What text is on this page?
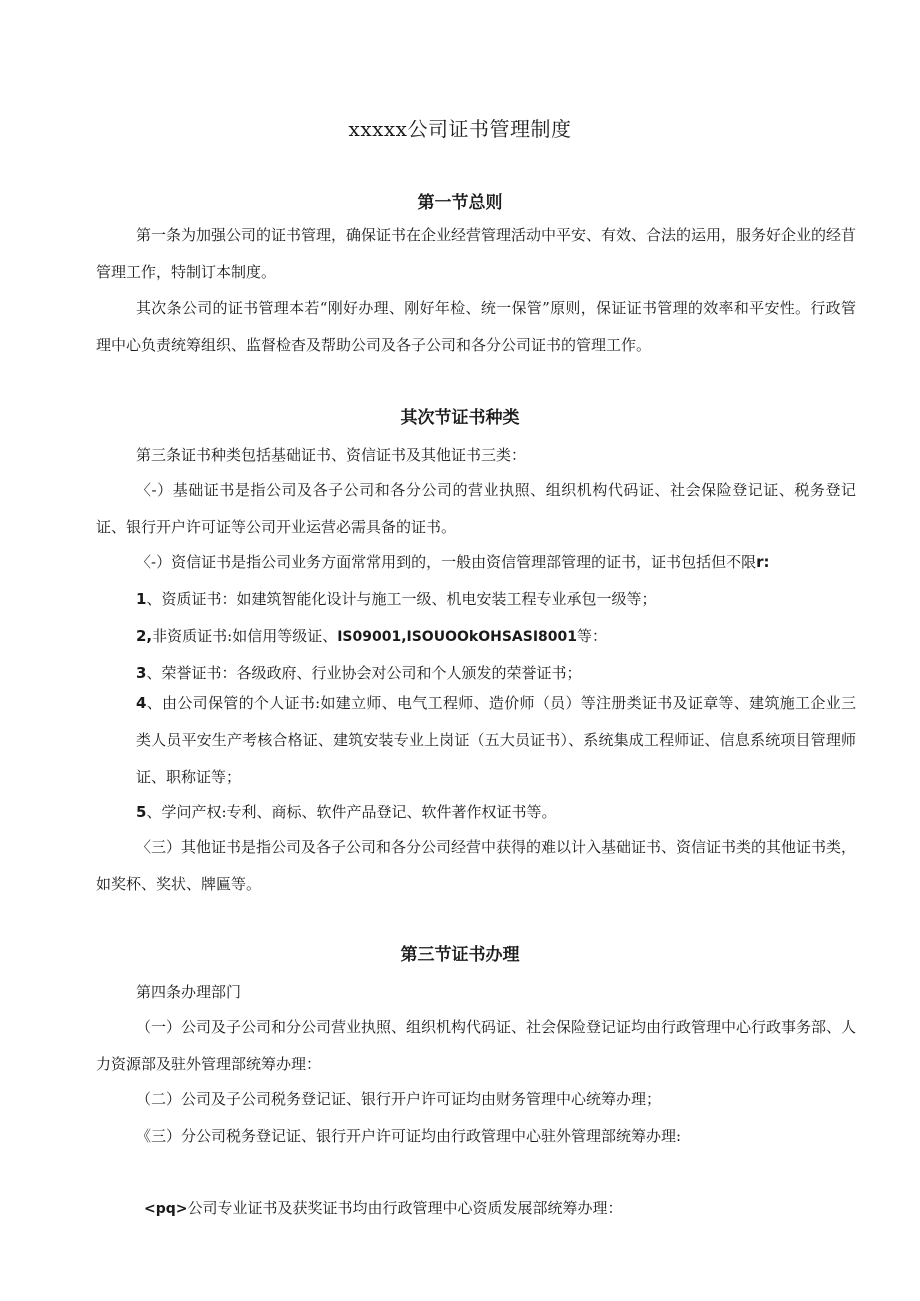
xxxxx公司证书管理制度
第一节总则
第一条为加强公司的证书管理，确保证书在企业经营管理活动中平安、有效、合法的运用，服务好企业的经苜管理工作，特制订本制度。
其次条公司的证书管理本若“刚好办理、刚好年检、统一保管”原则，保证证书管理的效率和平安性。行政管理中心负责统筹组织、监督检杳及帮助公司及各子公司和各分公司证书的管理工作。
其次节证书种类
第三条证书种类包括基础证书、资信证书及其他证书三类：
〈-）基础证书是指公司及各子公司和各分公司的营业执照、组织机构代码证、社会保险登记证、税务登记证、银行开户许可证等公司开业运营必需具备的证书。
〈-）资信证书是指公司业务方面常常用到的，一般由资信管理部管理的证书，证书包括但不限r:
1、资质证书：如建筑智能化设计与施工一级、机电安装工程专业承包一级等；
2,非资质证书:如信用等级证、IS09001,ISOUOOkOHSASI8001等：
3、荣誉证书：各级政府、行业协会对公司和个人颁发的荣誉证书；
4、由公司保管的个人证书:如建立师、电气工程师、造价师（员）等注册类证书及证章等、建筑施工企业三类人员平安生产考核合格证、建筑安装专业上岗证（五大员证书）、系统集成工程师证、信息系统项目管理师证、职称证等；
5、学问产权:专利、商标、软件产品登记、软件著作权证书等。
〈三）其他证书是指公司及各子公司和各分公司经营中获得的难以计入基础证书、资信证书类的其他证书类，如奖杯、奖状、牌匾等。
第三节证书办理
第四条办理部门
（一）公司及子公司和分公司营业执照、组织机构代码证、社会保险登记证均由行政管理中心行政事务部、人力资源部及驻外管理部统筹办理：
（二）公司及子公司税务登记证、银行开户许可证均由财务管理中心统筹办理；
《三）分公司税务登记证、银行开户许可证均由行政管理中心驻外管理部统筹办理:
<pq>公司专业证书及获奖证书均由行政管理中心资质发展部统筹办理：
